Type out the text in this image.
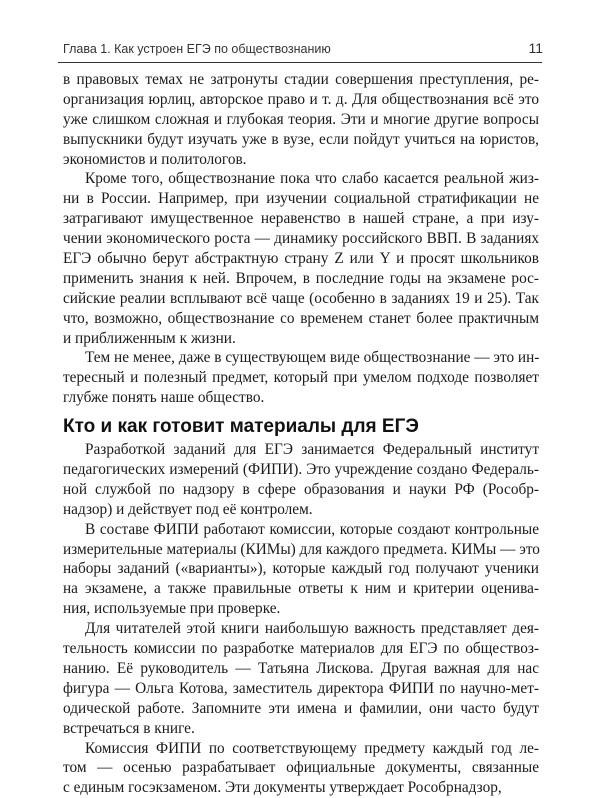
Глава 1. Как устроен ЕГЭ по обществознанию	11
в правовых темах не затронуты стадии совершения преступления, ре-
организация юрлиц, авторское право и т. д. Для обществознания всё это
уже слишком сложная и глубокая теория. Эти и многие другие вопросы
выпускники будут изучать уже в вузе, если пойдут учиться на юристов,
экономистов и политологов.
Кроме того, обществознание пока что слабо касается реальной жиз-
ни в России. Например, при изучении социальной стратификации не
затрагивают имущественное неравенство в нашей стране, а при изу-
чении экономического роста — динамику российского ВВП. В заданиях
ЕГЭ обычно берут абстрактную страну Z или Y и просят школьников
применить знания к ней. Впрочем, в последние годы на экзамене рос-
сийские реалии всплывают всё чаще (особенно в заданиях 19 и 25). Так
что, возможно, обществознание со временем станет более практичным
и приближенным к жизни.
Тем не менее, даже в существующем виде обществознание — это ин-
тересный и полезный предмет, который при умелом подходе позволяет
глубже понять наше общество.
Кто и как готовит материалы для ЕГЭ
Разработкой заданий для ЕГЭ занимается Федеральный институт
педагогических измерений (ФИПИ). Это учреждение создано Федераль-
ной службой по надзору в сфере образования и науки РФ (Рособр-
надзор) и действует под её контролем.
В составе ФИПИ работают комиссии, которые создают контрольные
измерительные материалы (КИМы) для каждого предмета. КИМы — это
наборы заданий («варианты»), которые каждый год получают ученики
на экзамене, а также правильные ответы к ним и критерии оценива-
ния, используемые при проверке.
Для читателей этой книги наибольшую важность представляет дея-
тельность комиссии по разработке материалов для ЕГЭ по обществоз-
нанию. Её руководитель — Татьяна Лискова. Другая важная для нас
фигура — Ольга Котова, заместитель директора ФИПИ по научно-мет-
одической работе. Запомните эти имена и фамилии, они часто будут
встречаться в книге.
Комиссия ФИПИ по соответствующему предмету каждый год ле-
том — осенью разрабатывает официальные документы, связанные
с единым госэкзаменом. Эти документы утверждает Рособрнадзор,
